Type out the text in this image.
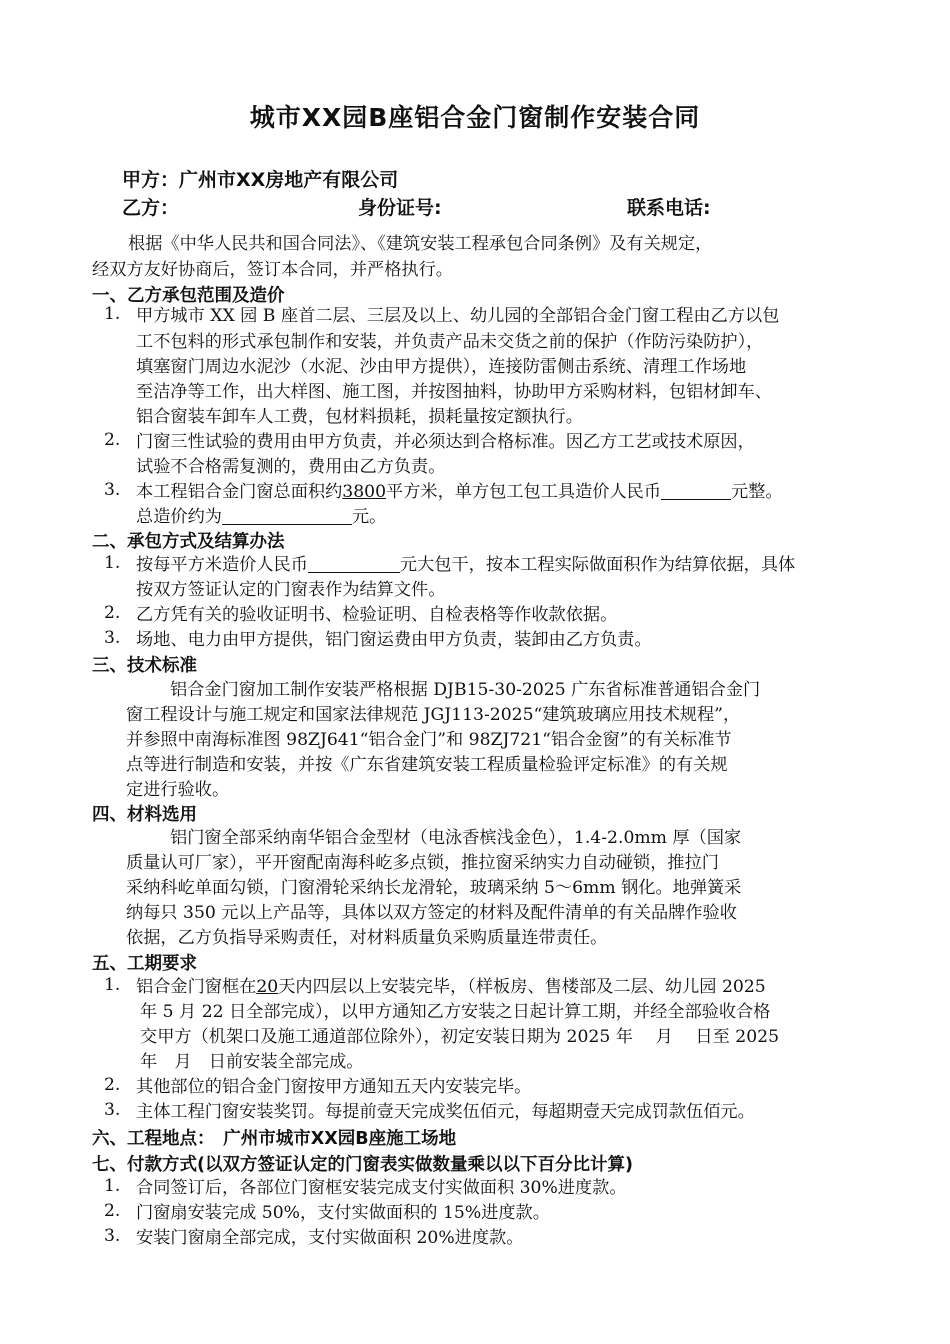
城市XX园B座铝合金门窗制作安装合同
甲方：广州市XX房地产有限公司
乙方：	身份证号:	联系电话:
根据《中华人民共和国合同法》、《建筑安装工程承包合同条例》及有关规定，
经双方友好协商后，签订本合同，并严格执行。
一、乙方承包范围及造价
1. 甲方城市 XX 园 B 座首二层、三层及以上、幼儿园的全部铝合金门窗工程由乙方以包
工不包料的形式承包制作和安装，并负责产品未交货之前的保护（作防污染防护），
填塞窗门周边水泥沙（水泥、沙由甲方提供），连接防雷侧击系统、清理工作场地
至洁净等工作，出大样图、施工图，并按图抽料，协助甲方采购材料，包铝材卸车、
铝合窗装车卸车人工费，包材料损耗，损耗量按定额执行。
2. 门窗三性试验的费用由甲方负责，并必须达到合格标准。因乙方工艺或技术原因，
试验不合格需复测的，费用由乙方负责。
3. 本工程铝合金门窗总面积约3800平方米，单方包工包工具造价人民币	元整。
总造价约为	元。
二、承包方式及结算办法
1. 按每平方米造价人民币	元大包干，按本工程实际做面积作为结算依据，具体
按双方签证认定的门窗表作为结算文件。
2. 乙方凭有关的验收证明书、检验证明、自检表格等作收款依据。
3. 场地、电力由甲方提供，铝门窗运费由甲方负责，装卸由乙方负责。
三、技术标准
铝合金门窗加工制作安装严格根据 DJB15-30-2025 广东省标准普通铝合金门
窗工程设计与施工规定和国家法律规范 JGJ113-2025“建筑玻璃应用技术规程”，
并参照中南海标准图 98ZJ641“铝合金门”和 98ZJ721“铝合金窗”的有关标准节
点等进行制造和安装，并按《广东省建筑安装工程质量检验评定标准》的有关规
定进行验收。
四、材料选用
铝门窗全部采纳南华铝合金型材（电泳香槟浅金色），1.4-2.0mm 厚（国家
质量认可厂家），平开窗配南海科屹多点锁，推拉窗采纳实力自动碰锁，推拉门
采纳科屹单面勾锁，门窗滑轮采纳长龙滑轮，玻璃采纳 5～6mm 钢化。地弹簧采
纳每只 350 元以上产品等，具体以双方签定的材料及配件清单的有关品牌作验收
依据，乙方负指导采购责任，对材料质量负采购质量连带责任。
五、工期要求
1. 铝合金门窗框在20天内四层以上安装完毕，（样板房、售楼部及二层、幼儿园 2025
年 5 月 22 日全部完成），以甲方通知乙方安装之日起计算工期，并经全部验收合格
交甲方（机架口及施工通道部位除外），初定安装日期为 2025 年　 月　 日至 2025
年　月　日前安装全部完成。
2. 其他部位的铝合金门窗按甲方通知五天内安装完毕。
3. 主体工程门窗安装奖罚。每提前壹天完成奖伍佰元，每超期壹天完成罚款伍佰元。
六、工程地点：　广州市城市XX园B座施工场地
七、付款方式(以双方签证认定的门窗表实做数量乘以以下百分比计算)
1. 合同签订后，各部位门窗框安装完成支付实做面积 30%进度款。
2. 门窗扇安装完成 50%，支付实做面积的 15%进度款。
3. 安装门窗扇全部完成，支付实做面积 20%进度款。
